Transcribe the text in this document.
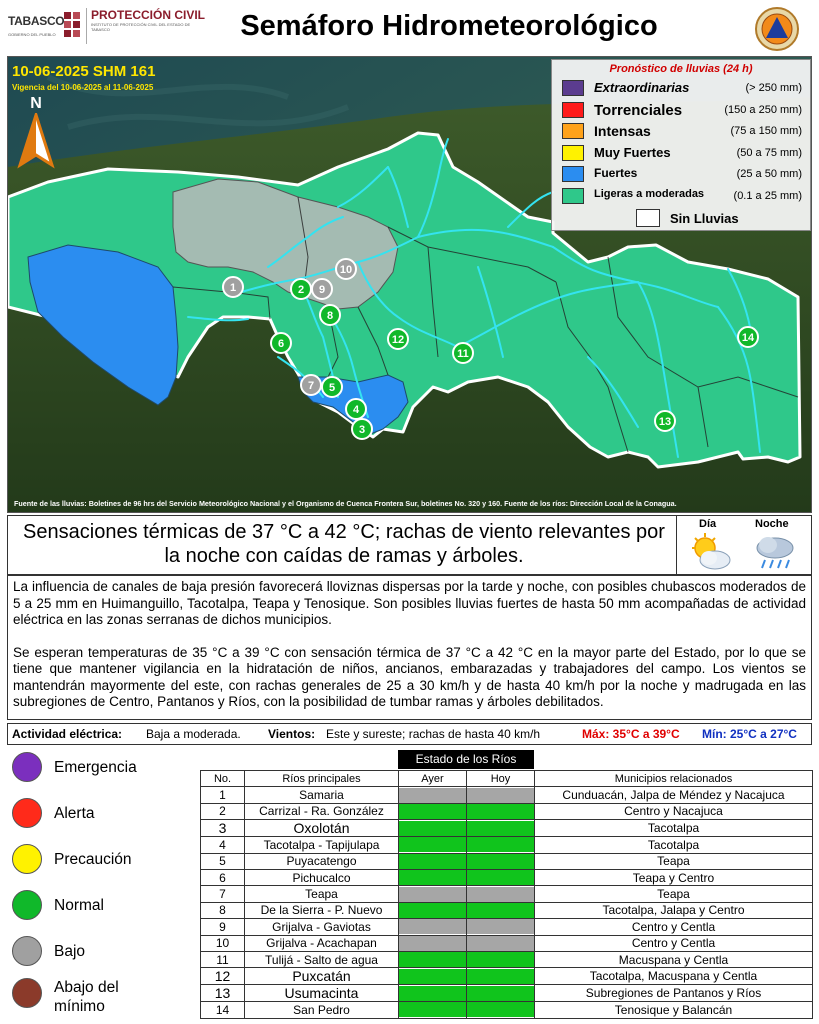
TABASCO
GOBIERNO DEL PUEBLO
PROTECCIÓN CIVIL
INSTITUTO DE PROTECCIÓN CIVIL DEL ESTADO DE TABASCO	Semáforo Hidrometeorológico
1	2
3
4
5
6
7
8
9
10
11
12
13
14
10-06-2025 SHM 161
Vigencia del 10-06-2025 al 11-06-2025
N
Pronóstico de lluvias (24 h)
Extraordinarias	(> 250 mm)
Torrenciales	(150 a 250 mm)
Intensas	(75 a 150 mm)
Muy Fuertes	(50 a 75 mm)
Fuertes	(25 a 50 mm)
Ligeras a moderadas	(0.1 a 25 mm)
Sin Lluvias
Fuente de las lluvias: Boletines de 96 hrs del Servicio Meteorológico Nacional y el Organismo de Cuenca Frontera Sur, boletines No. 320 y 160. Fuente de los ríos: Dirección Local de la Conagua.
Sensaciones térmicas de 37 °C a 42 °C; rachas de viento relevantes por la noche con caídas de ramas y árboles.
Día	Noche

La influencia de canales de baja presión favorecerá lloviznas dispersas por la tarde y noche, con posibles chubascos moderados de 5 a 25 mm en Huimanguillo, Tacotalpa, Teapa y Tenosique. Son posibles lluvias fuertes de hasta 50 mm acompañadas de actividad eléctrica en las zonas serranas de dichos municipios.

Se esperan temperaturas de 35 °C a 39 °C con sensación térmica de 37 °C a 42 °C en la mayor parte del Estado, por lo que se tiene que mantener vigilancia en la hidratación de niños, ancianos, embarazadas y trabajadores del campo. Los vientos se mantendrán mayormente del este, con rachas generales de 25 a 30 km/h y de hasta 40 km/h por la noche y madrugada en las subregiones de Centro, Pantanos y Ríos, con la posibilidad de tumbar ramas y árboles debilitados.

Actividad eléctrica: Baja a moderada. Vientos: Este y sureste; rachas de hasta 40 km/h	Máx: 35°C a 39°C Mín: 25°C a 27°C
Emergencia
Alerta
Precaución
Normal
Bajo
Abajo del mínimo
Estado de los Ríos
No.	Ríos principales	Ayer	Hoy	Municipios relacionados
1	Samaria			Cunduacán, Jalpa de Méndez y Nacajuca
2	Carrizal - Ra. González			Centro y Nacajuca
3	Oxolotán			Tacotalpa
4	Tacotalpa - Tapijulapa			Tacotalpa
5	Puyacatengo			Teapa
6	Pichucalco			Teapa y Centro
7	Teapa			Teapa
8	De la Sierra - P. Nuevo			Tacotalpa, Jalapa y Centro
9	Grijalva - Gaviotas			Centro y Centla
10	Grijalva - Acachapan			Centro y Centla
11	Tulijá - Salto de agua			Macuspana y Centla
12	Puxcatán			Tacotalpa, Macuspana y Centla
13	Usumacinta			Subregiones de Pantanos y Ríos
14	San Pedro			Tenosique y Balancán
